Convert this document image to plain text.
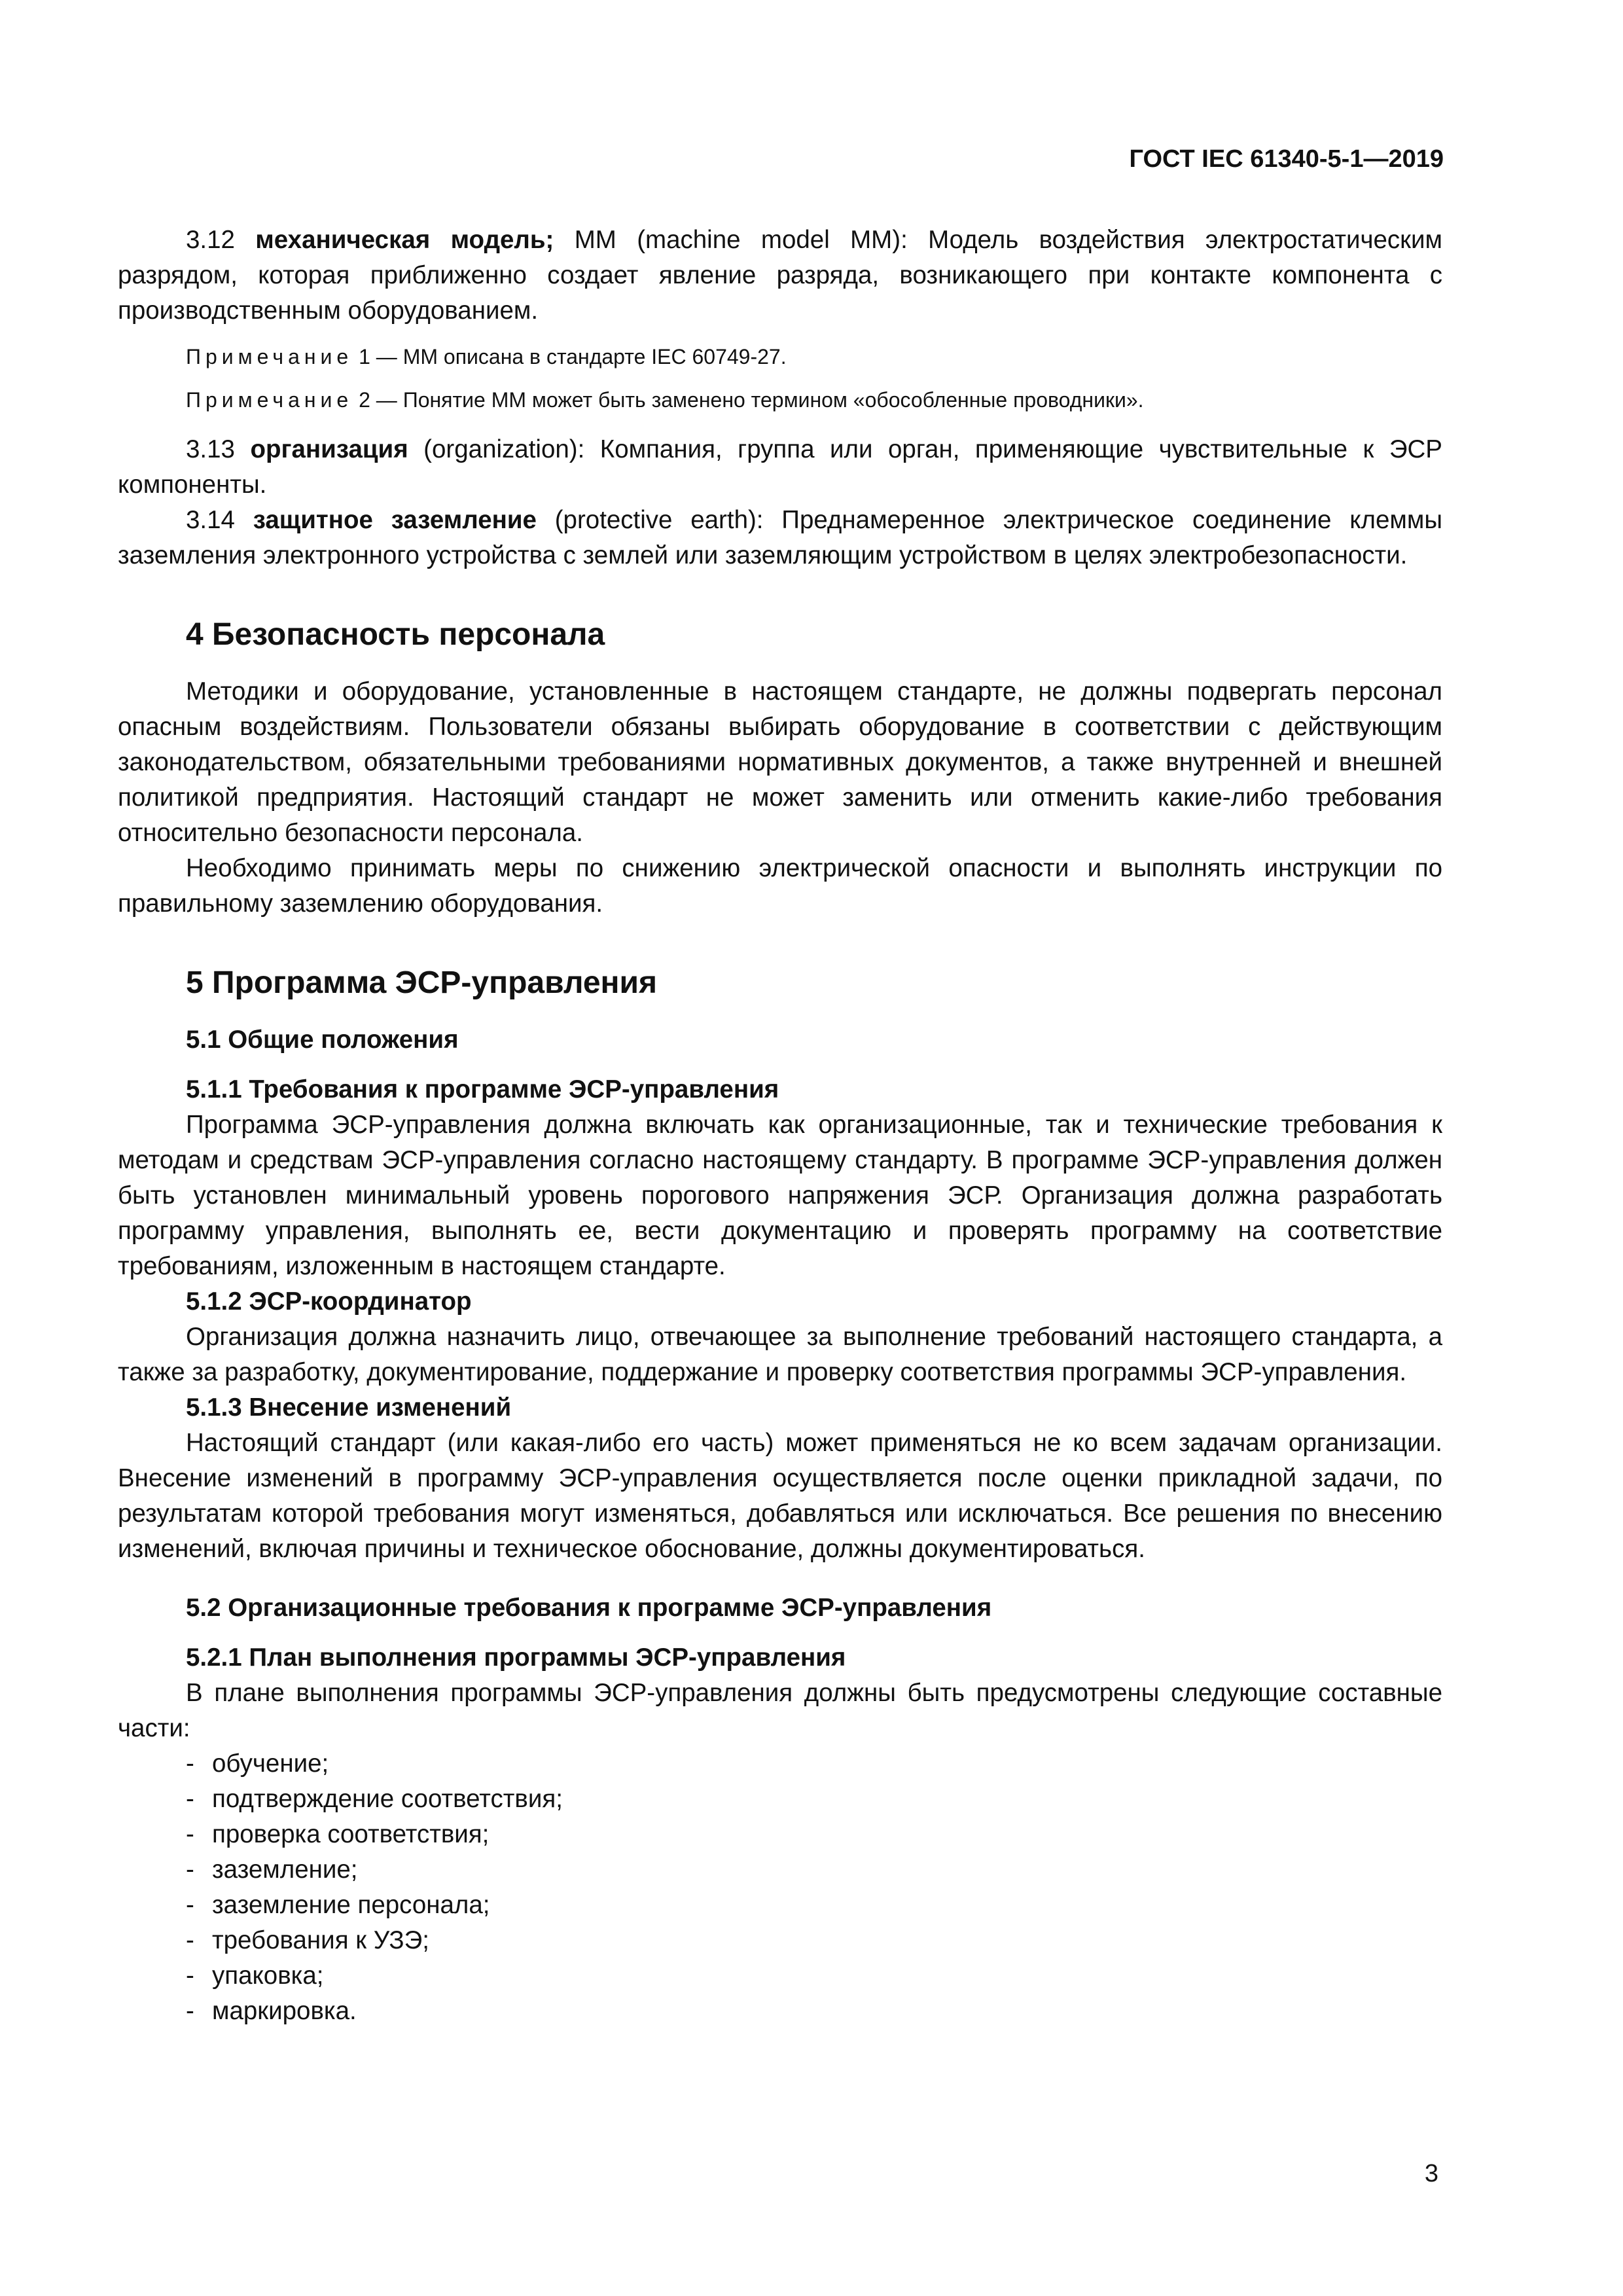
ГОСТ IEC 61340-5-1—2019

3.12 механическая модель; ММ (machine model MM): Модель воздействия электростатическим разрядом, которая приближенно создает явление разряда, возникающего при контакте компонента с производственным оборудованием.

Примечание 1 — ММ описана в стандарте IEC 60749-27.

Примечание 2 — Понятие ММ может быть заменено термином «обособленные проводники».

3.13 организация (organization): Компания, группа или орган, применяющие чувствительные к ЭСР компоненты.

3.14 защитное заземление (protective earth): Преднамеренное электрическое соединение клеммы заземления электронного устройства с землей или заземляющим устройством в целях электробезопасности.

4 Безопасность персонала

Методики и оборудование, установленные в настоящем стандарте, не должны подвергать персонал опасным воздействиям. Пользователи обязаны выбирать оборудование в соответствии с действующим законодательством, обязательными требованиями нормативных документов, а также внутренней и внешней политикой предприятия. Настоящий стандарт не может заменить или отменить какие-либо требования относительно безопасности персонала.

Необходимо принимать меры по снижению электрической опасности и выполнять инструкции по правильному заземлению оборудования.

5 Программа ЭСР-управления

5.1 Общие положения

5.1.1 Требования к программе ЭСР-управления

Программа ЭСР-управления должна включать как организационные, так и технические требования к методам и средствам ЭСР-управления согласно настоящему стандарту. В программе ЭСР-управления должен быть установлен минимальный уровень порогового напряжения ЭСР. Организация должна разработать программу управления, выполнять ее, вести документацию и проверять программу на соответствие требованиям, изложенным в настоящем стандарте.

5.1.2 ЭСР-координатор

Организация должна назначить лицо, отвечающее за выполнение требований настоящего стандарта, а также за разработку, документирование, поддержание и проверку соответствия программы ЭСР-управления.

5.1.3 Внесение изменений

Настоящий стандарт (или какая-либо его часть) может применяться не ко всем задачам организации. Внесение изменений в программу ЭСР-управления осуществляется после оценки прикладной задачи, по результатам которой требования могут изменяться, добавляться или исключаться. Все решения по внесению изменений, включая причины и техническое обоснование, должны документироваться.

5.2 Организационные требования к программе ЭСР-управления

5.2.1 План выполнения программы ЭСР-управления

В плане выполнения программы ЭСР-управления должны быть предусмотрены следующие составные части:

- обучение;

- подтверждение соответствия;

- проверка соответствия;

- заземление;

- заземление персонала;

- требования к УЗЭ;

- упаковка;

- маркировка.

3
